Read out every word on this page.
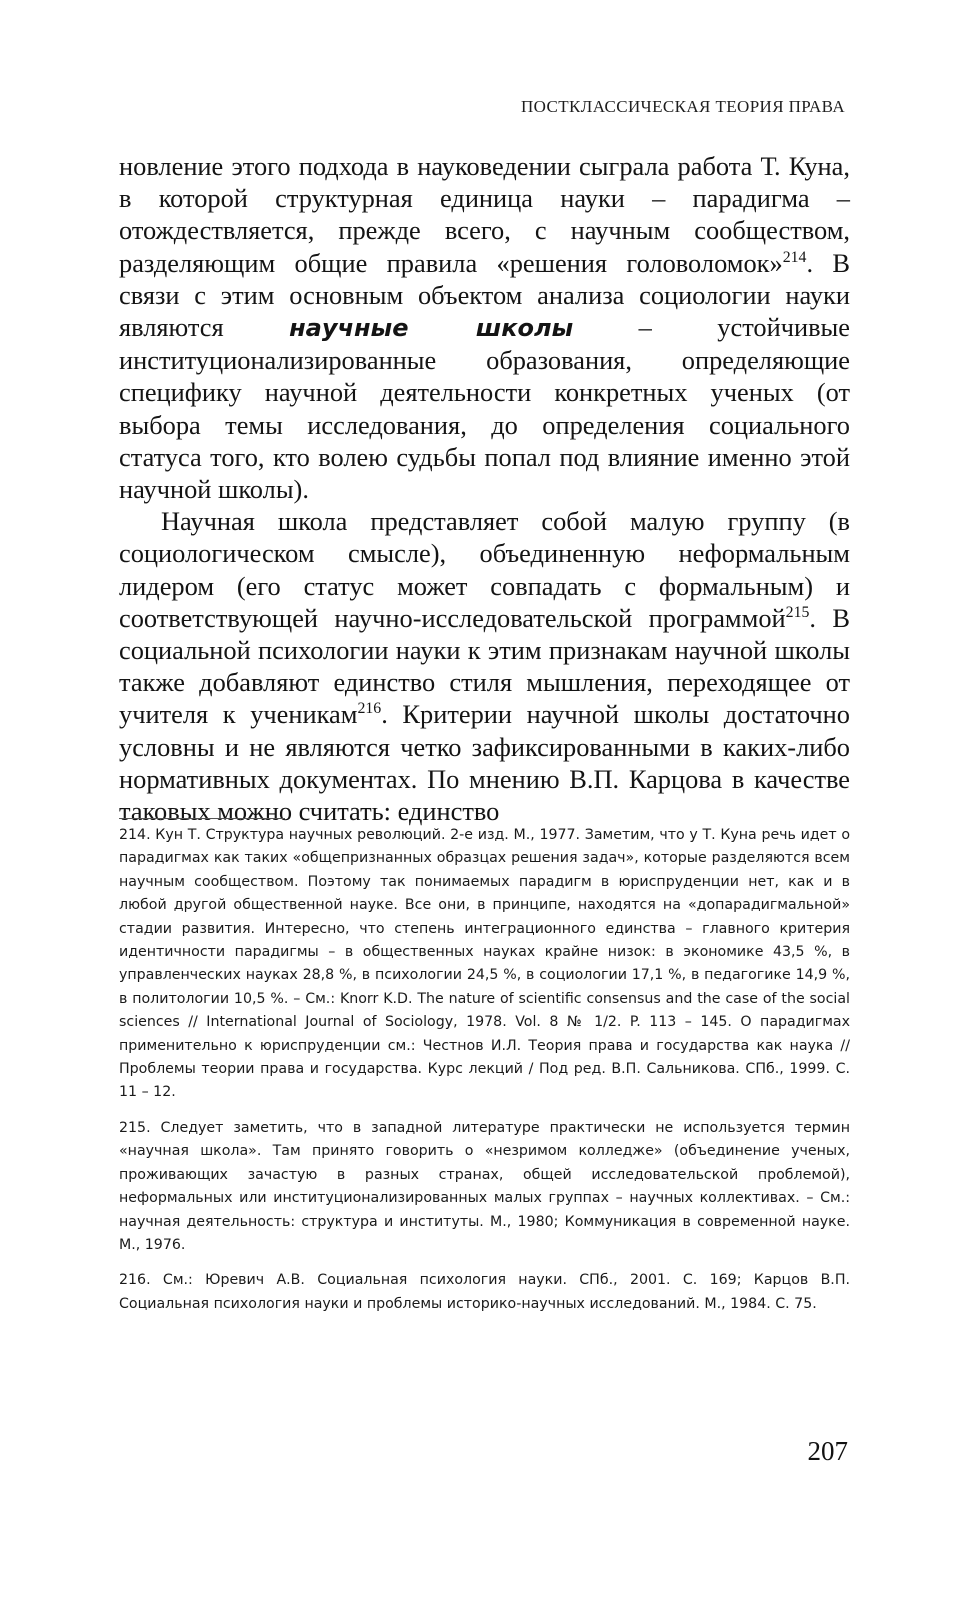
ПОСТКЛАССИЧЕСКАЯ ТЕОРИЯ ПРАВА

новление этого подхода в науковедении сыграла работа Т. Куна, в которой структурная единица науки – парадигма – отождествляется, прежде всего, с научным сообществом, разделяющим общие правила «решения головоломок»$^{214}$. В связи с этим основным объектом анализа социологии науки являются научные школы – устойчивые институционализированные образования, определяющие специфику научной деятельности конкретных ученых (от выбора темы исследования, до определения социального статуса того, кто волею судьбы попал под влияние именно этой научной школы).

Научная школа представляет собой малую группу (в социологическом смысле), объединенную неформальным лидером (его статус может совпадать с формальным) и соответствующей научно-исследовательской программой$^{215}$. В социальной психологии науки к этим признакам научной школы также добавляют единство стиля мышления, переходящее от учителя к ученикам$^{216}$. Критерии научной школы достаточно условны и не являются четко зафиксированными в каких-либо нормативных документах. По мнению В.П. Карцова в качестве таковых можно считать: единство

214. Кун Т. Структура научных революций. 2-е изд. М., 1977. Заметим, что у Т. Куна речь идет о парадигмах как таких «общепризнанных образцах решения задач», которые разделяются всем научным сообществом. Поэтому так понимаемых парадигм в юриспруденции нет, как и в любой другой общественной науке. Все они, в принципе, находятся на «допарадигмальной» стадии развития. Интересно, что степень интеграционного единства – главного критерия идентичности парадигмы – в общественных науках крайне низок: в экономике 43,5 %, в управленческих науках 28,8 %, в психологии 24,5 %, в социологии 17,1 %, в педагогике 14,9 %, в политологии 10,5 %. – См.: Knorr K.D. The nature of scientific consensus and the case of the social sciences // International Journal of Sociology, 1978. Vol. 8 № 1/2. P. 113 – 145. О парадигмах применительно к юриспруденции см.: Честнов И.Л. Теория права и государства как наука // Проблемы теории права и государства. Курс лекций / Под ред. В.П. Сальникова. СПб., 1999. С. 11 – 12.

215. Следует заметить, что в западной литературе практически не используется термин «научная школа». Там принято говорить о «незримом колледже» (объединение ученых, проживающих зачастую в разных странах, общей исследовательской проблемой), неформальных или институционализированных малых группах – научных коллективах. – См.: научная деятельность: структура и институты. М., 1980; Коммуникация в современной науке. М., 1976.

216. См.: Юревич А.В. Социальная психология науки. СПб., 2001. С. 169; Карцов В.П. Социальная психология науки и проблемы историко-научных исследований. М., 1984. С. 75.

207
